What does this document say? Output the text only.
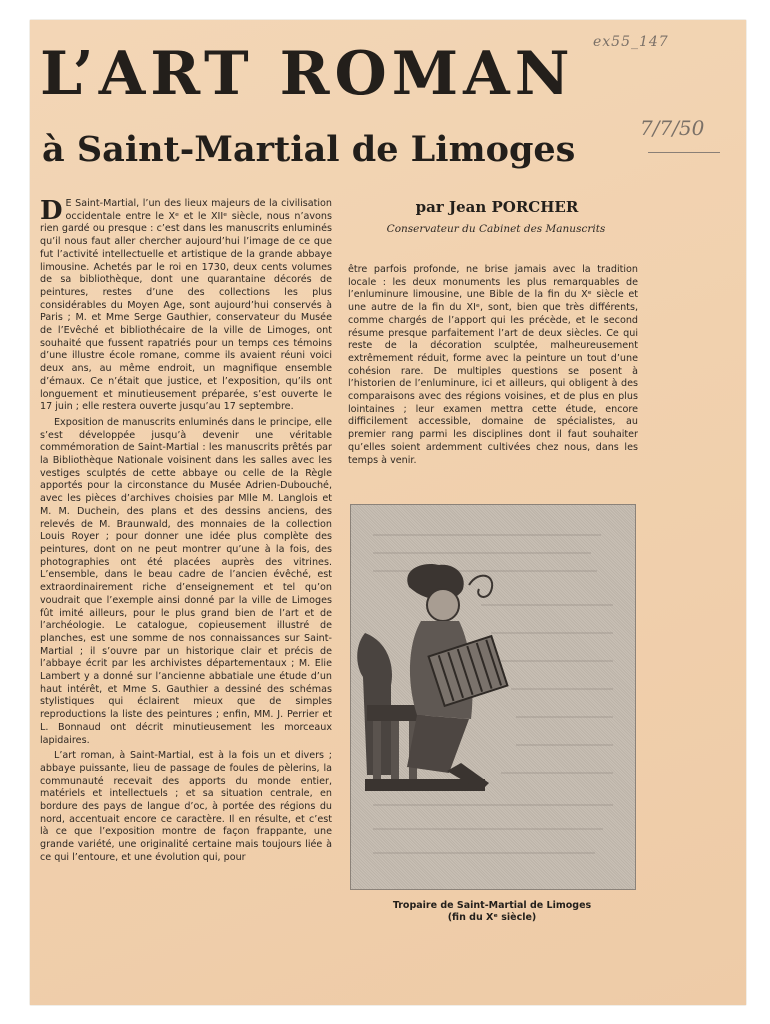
ex55_147
7/7/50
L’ART ROMAN
à Saint-Martial de Limoges

D E Saint-Martial, l’un des lieux majeurs de la civilisation occidentale entre le Xᵉ et le XIIᵉ siècle, nous n’avons rien gardé ou presque : c’est dans les manuscrits enluminés qu’il nous faut aller chercher aujourd’hui l’image de ce que fut l’activité intellectuelle et artistique de la grande abbaye limousine. Achetés par le roi en 1730, deux cents volumes de sa bibliothèque, dont une quarantaine décorés de peintures, restes d’une des collections les plus considérables du Moyen Age, sont aujourd’hui conservés à Paris ; M. et Mme Serge Gauthier, conservateur du Musée de l’Evêché et bibliothécaire de la ville de Limoges, ont souhaité que fussent rapatriés pour un temps ces témoins d’une illustre école romane, comme ils avaient réuni voici deux ans, au même endroit, un magnifique ensemble d’émaux. Ce n’était que justice, et l’exposition, qu’ils ont longuement et minutieusement préparée, s’est ouverte le 17 juin ; elle restera ouverte jusqu’au 17 septembre.

Exposition de manuscrits enluminés dans le principe, elle s’est développée jusqu’à devenir une véritable commémoration de Saint-Martial : les manuscrits prêtés par la Bibliothèque Nationale voisinent dans les salles avec les vestiges sculptés de cette abbaye ou celle de la Règle apportés pour la circonstance du Musée Adrien-Dubouché, avec les pièces d’archives choisies par Mlle M. Langlois et M. M. Duchein, des plans et des dessins anciens, des relevés de M. Braunwald, des monnaies de la collection Louis Royer ; pour donner une idée plus complète des peintures, dont on ne peut montrer qu’une à la fois, des photographies ont été placées auprès des vitrines. L’ensemble, dans le beau cadre de l’ancien évêché, est extraordinairement riche d’enseignement et tel qu’on voudrait que l’exemple ainsi donné par la ville de Limoges fût imité ailleurs, pour le plus grand bien de l’art et de l’archéologie. Le catalogue, copieusement illustré de planches, est une somme de nos connaissances sur Saint-Martial ; il s’ouvre par un historique clair et précis de l’abbaye écrit par les archivistes départementaux ; M. Elie Lambert y a donné sur l’ancienne abbatiale une étude d’un haut intérêt, et Mme S. Gauthier a dessiné des schémas stylistiques qui éclairent mieux que de simples reproductions la liste des peintures ; enfin, MM. J. Perrier et L. Bonnaud ont décrit minutieusement les morceaux lapidaires.

L’art roman, à Saint-Martial, est à la fois un et divers ; abbaye puissante, lieu de passage de foules de pèlerins, la communauté recevait des apports du monde entier, matériels et intellectuels ; et sa situation centrale, en bordure des pays de langue d’oc, à portée des régions du nord, accentuait encore ce caractère. Il en résulte, et c’est là ce que l’exposition montre de façon frappante, une grande variété, une originalité certaine mais toujours liée à ce qui l’entoure, et une évolution qui, pour

par Jean PORCHER
Conservateur du Cabinet des Manuscrits

être parfois profonde, ne brise jamais avec la tradition locale : les deux monuments les plus remarquables de l’enluminure limousine, une Bible de la fin du Xᵉ siècle et une autre de la fin du XIᵉ, sont, bien que très différents, comme chargés de l’apport qui les précède, et le second résume presque parfaitement l’art de deux siècles. Ce qui reste de la décoration sculptée, malheureusement extrêmement réduit, forme avec la peinture un tout d’une cohésion rare. De multiples questions se posent à l’historien de l’enluminure, ici et ailleurs, qui obligent à des comparaisons avec des régions voisines, et de plus en plus lointaines ; leur examen mettra cette étude, encore difficilement accessible, domaine de spécialistes, au premier rang parmi les disciplines dont il faut souhaiter qu’elles soient ardemment cultivées chez nous, dans les temps à venir.

Tropaire de Saint-Martial de Limoges
(fin du Xᵉ siècle)
